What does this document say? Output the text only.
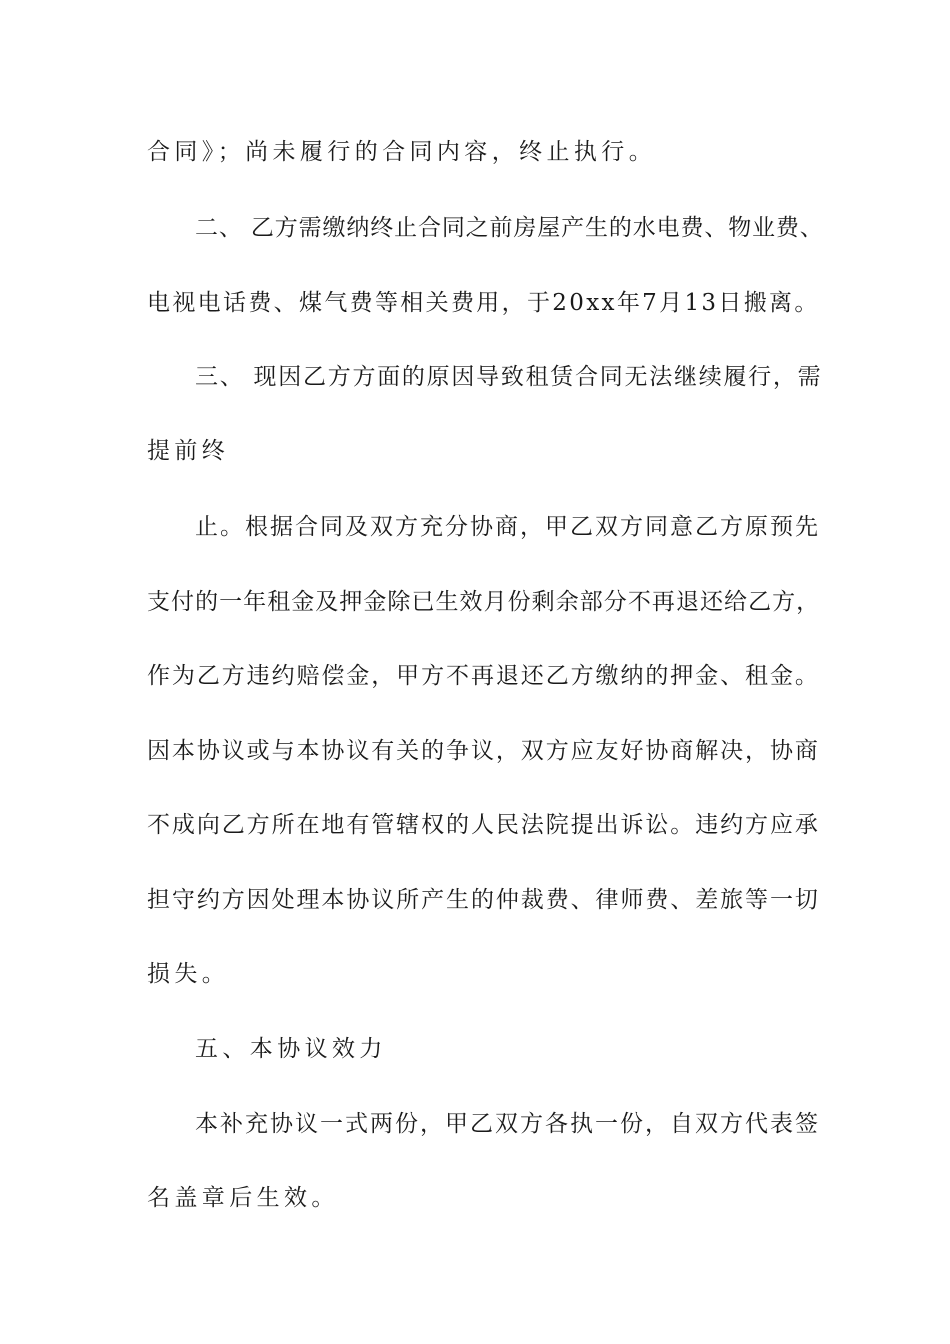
合同》；尚未履行的合同内容，终止执行。
二、 乙方需缴纳终止合同之前房屋产生的水电费、物业费、
电视电话费、煤气费等相关费用，于20xx年7月13日搬离。
三、 现因乙方方面的原因导致租赁合同无法继续履行，需
提前终
止。根据合同及双方充分协商，甲乙双方同意乙方原预先
支付的一年租金及押金除已生效月份剩余部分不再退还给乙方，
作为乙方违约赔偿金，甲方不再退还乙方缴纳的押金、租金。
因本协议或与本协议有关的争议，双方应友好协商解决，协商
不成向乙方所在地有管辖权的人民法院提出诉讼。违约方应承
担守约方因处理本协议所产生的仲裁费、律师费、差旅等一切
损失。
五、本协议效力
本补充协议一式两份，甲乙双方各执一份，自双方代表签
名盖章后生效。
